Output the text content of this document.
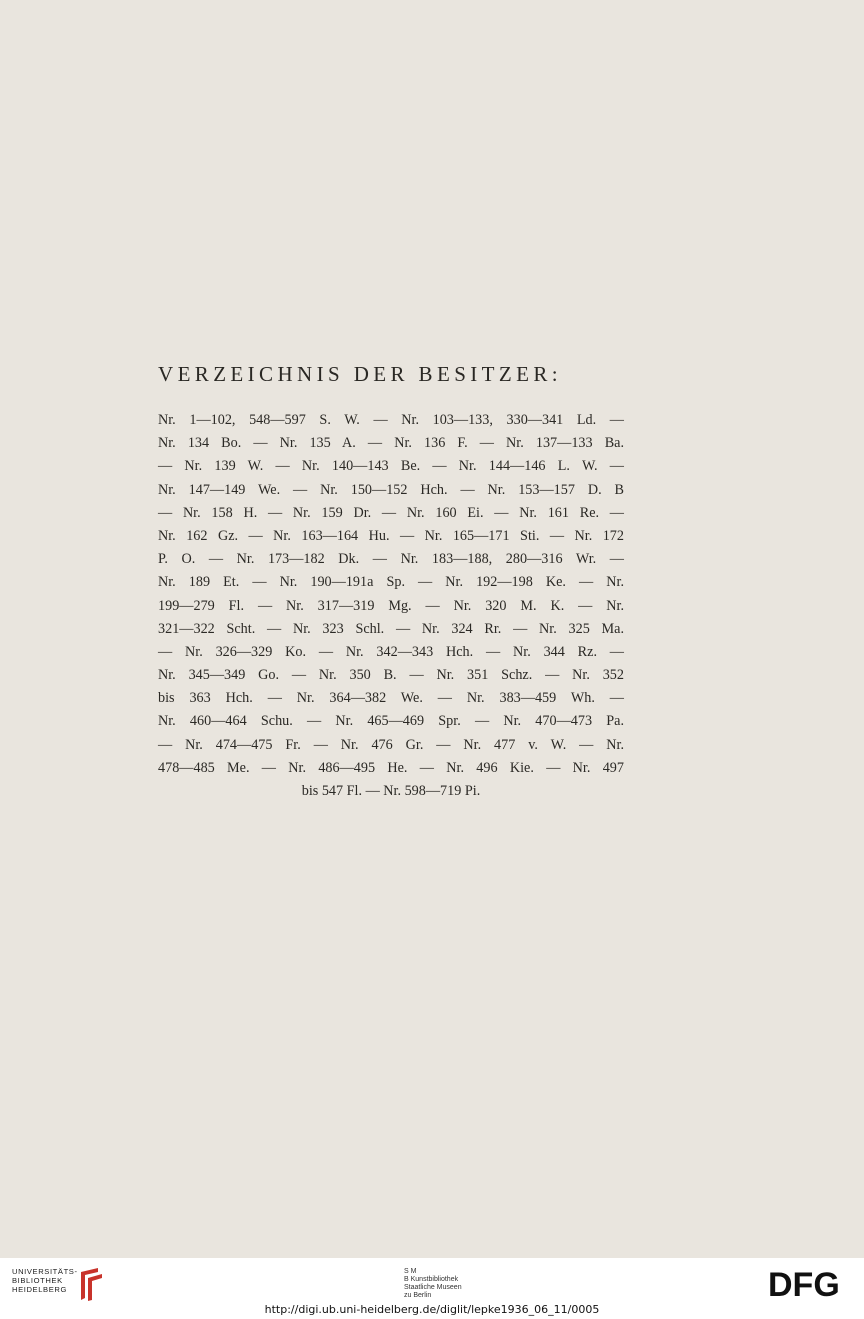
VERZEICHNIS DER BESITZER:
Nr. 1—102, 548—597 S. W. — Nr. 103—133, 330—341 Ld. —
Nr. 134 Bo. — Nr. 135 A. — Nr. 136 F. — Nr. 137—133 Ba.
— Nr. 139 W. — Nr. 140—143 Be. — Nr. 144—146 L. W. —
Nr. 147—149 We. — Nr. 150—152 Hch. — Nr. 153—157 D. B
— Nr. 158 H. — Nr. 159 Dr. — Nr. 160 Ei. — Nr. 161 Re. —
Nr. 162 Gz. — Nr. 163—164 Hu. — Nr. 165—171 Sti. — Nr. 172
P. O. — Nr. 173—182 Dk. — Nr. 183—188, 280—316 Wr. —
Nr. 189 Et. — Nr. 190—191a Sp. — Nr. 192—198 Ke. — Nr.
199—279 Fl. — Nr. 317—319 Mg. — Nr. 320 M. K. — Nr.
321—322 Scht. — Nr. 323 Schl. — Nr. 324 Rr. — Nr. 325 Ma.
— Nr. 326—329 Ko. — Nr. 342—343 Hch. — Nr. 344 Rz. —
Nr. 345—349 Go. — Nr. 350 B. — Nr. 351 Schz. — Nr. 352
bis 363 Hch. — Nr. 364—382 We. — Nr. 383—459 Wh. —
Nr. 460—464 Schu. — Nr. 465—469 Spr. — Nr. 470—473 Pa.
— Nr. 474—475 Fr. — Nr. 476 Gr. — Nr. 477 v. W. — Nr.
478—485 Me. — Nr. 486—495 He. — Nr. 496 Kie. — Nr. 497
bis 547 Fl. — Nr. 598—719 Pi.
UNIVERSITÄTS-
BIBLIOTHEK
HEIDELBERG
S M
B Kunstbibliothek
Staatliche Museen
zu Berlin	DFG
http://digi.ub.uni-heidelberg.de/diglit/lepke1936_06_11/0005
